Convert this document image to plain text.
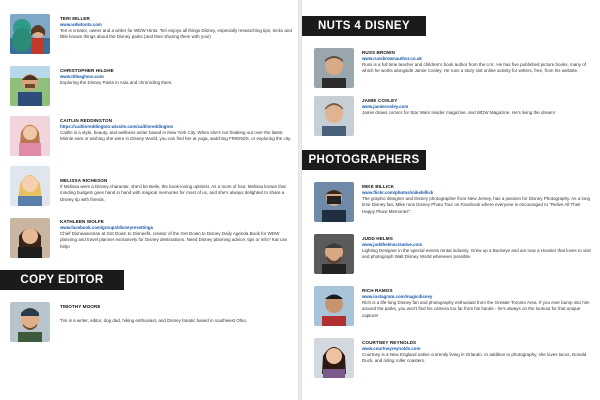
TERI MILLER
www.wdwtoots.com
Teri is creator, owner and a writer for WDW Hints. Teri enjoys all things Disney, especially researching tips, tricks and little known things about the Disney parks (and then sharing them with you!)
CHRISTOPHER HILGHE
www.titleagloon.com
Exploring the Disney Parks in Asia and chronicling them.
CAITLIN REDDINGTON
https://caitlinreddington.wixsite.com/caitlinreddington
Caitlin is a style, beauty, and wellness writer based in New York City. When she's not freaking out over the latest Minnie ears or wishing she were in Disney World, you can find her at yoga, watching FRIENDS, or exploring the city.
MELISSA RICHESON
If Melissa were a Disney character, she'd be Belle, the book-loving optimist. As a mom of four, Melissa knows that minding budgets goes hand in hand with magical memories for most of us, and she's always delighted to share a Disney tip with friends.
KATHLEEN WOLFE
www.facebook.com/groups/disneyresettings
Chief Disneawoman at Get Down to Disneefit, creator of the Get Down to Disney Daily Agenda Book for WDW planning and travel planner exclusively for Disney destinations. Need Disney planning advice, tips or info? Kat can help!
COPY EDITOR
TIMOTHY MOORE
Tim is a writer, editor, dog dad, hiking enthusiast, and Disney fanatic based in southwest Ohio.
NUTS 4 DISNEY
RUSS BROWN
www.russbrownauthor.co.uk
Russ is a full time teacher and children's book author from the U.K. He has five published picture books, many of which he works alongside Jamie Cosley. He runs a story slot online activity for writers, free, from his website.
JAMIE COSLEY
www.jamiecosley.com
Jamie draws comics for Star Wars Insider magazine, and WDW Magazine. He's living the dream!
PHOTOGRAPHERS
MIKE BILLICK
www.flickr.com/photos/mikebillick
The graphic designer and Disney photographer from New Jersey, has a passion for Disney Photography. As a long time Disney fan, Mike runs Disney Photo Tour on Facebook where everyone is encouraged to "Relive All Their Happy Place Memories".
JUDD HELMS
www.juddhelmscreative.com
Lighting Designer in the special events rental industry. Grew up a Buckeye and am now a Hoosier that loves to visit and photograph Walt Disney World whenever possible.
RICH RAMOS
www.instagram.com/magicdisney
Rich is a life-long Disney fan and photography enthusiast from the Greater Toronto Area. If you ever bump into him around the parks, you won't find his camera too far from his hands - he's always on the lookout for that unique capture!
COURTNEY REYNOLDS
www.courtneyreynolds.com
Courtney is a New England native currently living in Orlando. In addition to photography, she loves tacos, Donald Duck, and riding roller coasters.
